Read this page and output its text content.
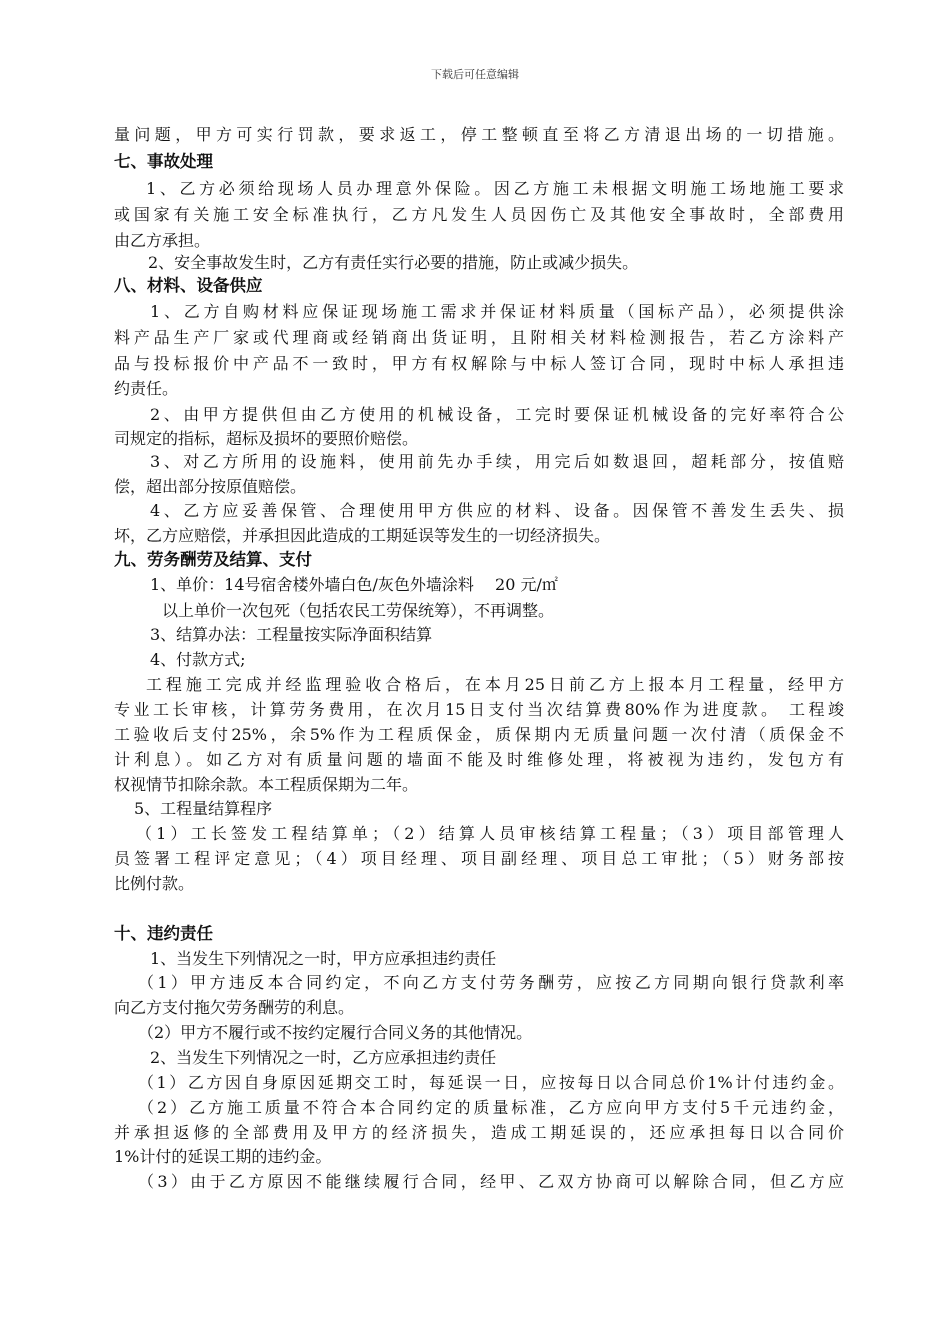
下载后可任意编辑
量问题，甲方可实行罚款，要求返工，停工整顿直至将乙方清退出场的一切措施。
七、事故处理
1、乙方必须给现场人员办理意外保险。因乙方施工未根据文明施工场地施工要求
或国家有关施工安全标准执行，乙方凡发生人员因伤亡及其他安全事故时，全部费用
由乙方承担。
2、安全事故发生时，乙方有责任实行必要的措施，防止或减少损失。
八、材料、设备供应
1、乙方自购材料应保证现场施工需求并保证材料质量（国标产品），必须提供涂
料产品生产厂家或代理商或经销商出货证明，且附相关材料检测报告，若乙方涂料产
品与投标报价中产品不一致时，甲方有权解除与中标人签订合同，现时中标人承担违
约责任。
2、由甲方提供但由乙方使用的机械设备，工完时要保证机械设备的完好率符合公
司规定的指标，超标及损坏的要照价赔偿。
3、对乙方所用的设施料，使用前先办手续，用完后如数退回，超耗部分，按值赔
偿，超出部分按原值赔偿。
4、乙方应妥善保管、合理使用甲方供应的材料、设备。因保管不善发生丢失、损
坏，乙方应赔偿，并承担因此造成的工期延误等发生的一切经济损失。
九、劳务酬劳及结算、支付
1、单价：14号宿舍楼外墙白色/灰色外墙涂料　 20 元/㎡
以上单价一次包死（包括农民工劳保统筹），不再调整。
3、结算办法：工程量按实际净面积结算
4、付款方式;
工程施工完成并经监理验收合格后，在本月25日前乙方上报本月工程量，经甲方
专业工长审核，计算劳务费用，在次月15日支付当次结算费80%作为进度款。 工程竣
工验收后支付25%，余5%作为工程质保金，质保期内无质量问题一次付清（质保金不
计利息）。如乙方对有质量问题的墙面不能及时维修处理，将被视为违约，发包方有
权视情节扣除余款。本工程质保期为二年。
5、工程量结算程序
（1）工长签发工程结算单；（2）结算人员审核结算工程量；（3）项目部管理人
员签署工程评定意见；（4）项目经理、项目副经理、项目总工审批；（5）财务部按
比例付款。
十、违约责任
1、当发生下列情况之一时，甲方应承担违约责任
（1）甲方违反本合同约定，不向乙方支付劳务酬劳，应按乙方同期向银行贷款利率
向乙方支付拖欠劳务酬劳的利息。
（2）甲方不履行或不按约定履行合同义务的其他情况。
2、当发生下列情况之一时，乙方应承担违约责任
（1）乙方因自身原因延期交工时，每延误一日，应按每日以合同总价1%计付违约金。
（2）乙方施工质量不符合本合同约定的质量标准，乙方应向甲方支付5千元违约金，
并承担返修的全部费用及甲方的经济损失，造成工期延误的，还应承担每日以合同价
1%计付的延误工期的违约金。
（3）由于乙方原因不能继续履行合同，经甲、乙双方协商可以解除合同，但乙方应
